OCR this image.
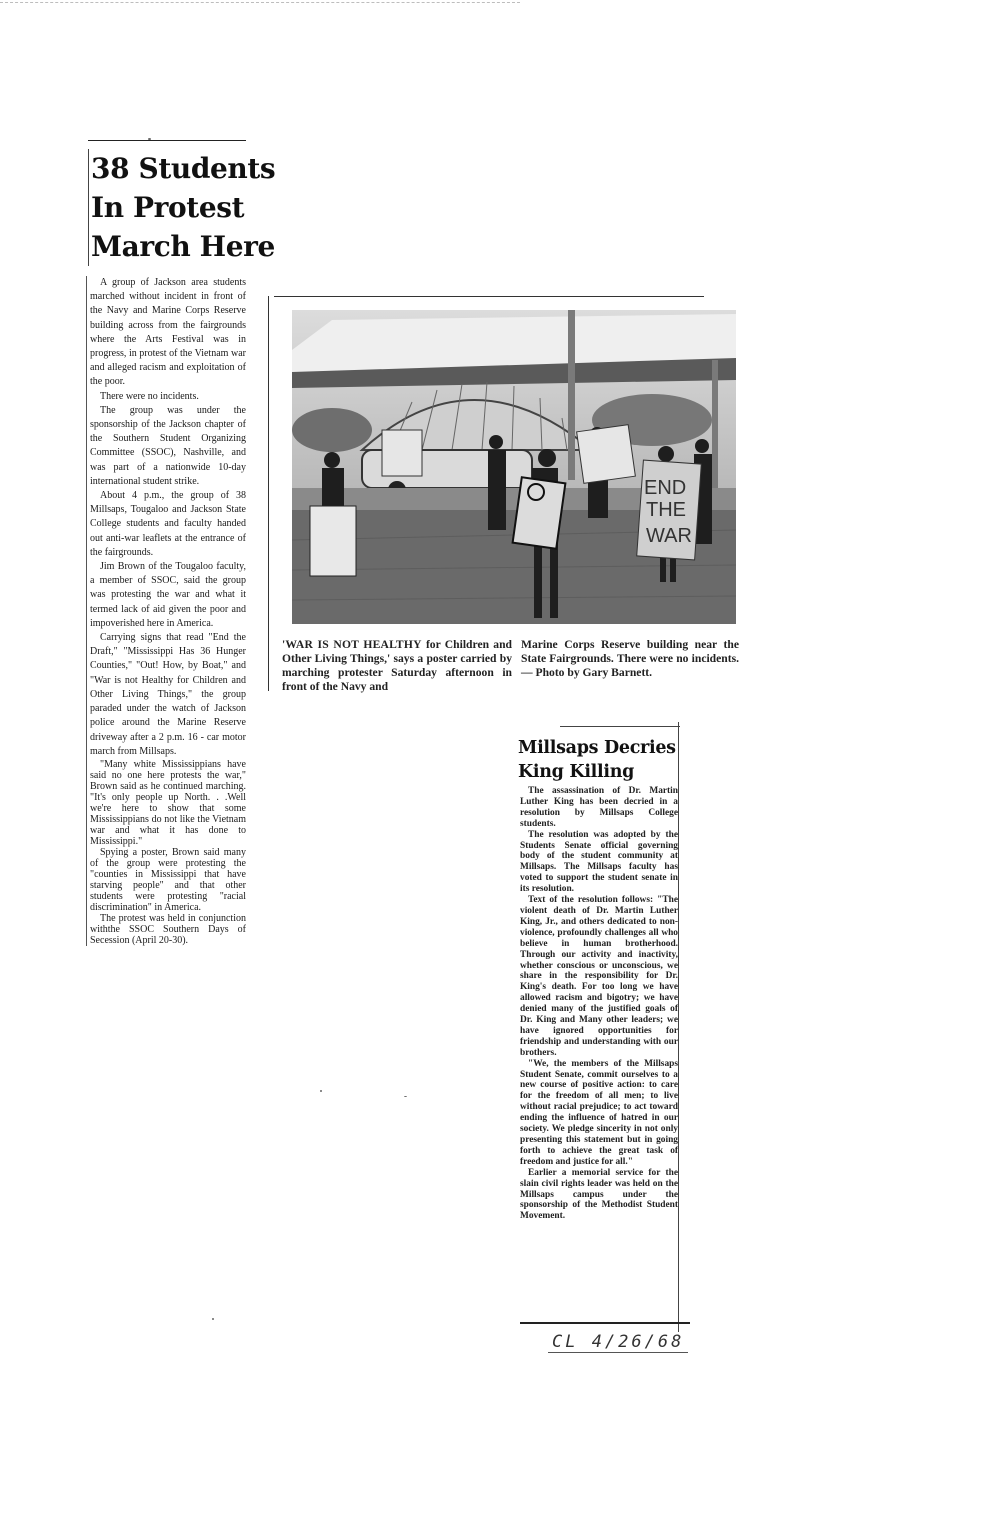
38 Students
In Protest
March Here

A group of Jackson area students marched without incident in front of the Navy and Marine Corps Reserve building across from the fairgrounds where the Arts Festival was in progress, in protest of the Vietnam war and alleged racism and exploitation of the poor.

There were no incidents.

The group was under the sponsorship of the Jackson chapter of the Southern Student Organizing Committee (SSOC), Nashville, and was part of a nationwide 10-day international student strike.

About 4 p.m., the group of 38 Millsaps, Tougaloo and Jackson State College students and faculty handed out anti-war leaflets at the entrance of the fairgrounds.

Jim Brown of the Tougaloo faculty, a member of SSOC, said the group was protesting the war and what it termed lack of aid given the poor and impoverished here in America.

Carrying signs that read "End the Draft," "Mississippi Has 36 Hunger Counties," "Out! How, by Boat," and "War is not Healthy for Children and Other Living Things," the group paraded under the watch of Jackson police around the Marine Reserve driveway after a 2 p.m. 16 - car motor march from Millsaps.

"Many white Mississippians have said no one here protests the war," Brown said as he continued marching. "It's only people up North. . .Well we're here to show that some Mississippians do not like the Vietnam war and what it has done to Mississippi."

Spying a poster, Brown said many of the group were protesting the "counties in Mississippi that have starving people" and that other students were protesting "racial discrimination" in America.

The protest was held in conjunction withthe SSOC Southern Days of Secession (April 20-30).

END
THE
WAR
'WAR IS NOT HEALTHY for Children and Other Living Things,' says a poster carried by marching protester Saturday afternoon in front of the Navy and
Marine Corps Reserve building near the State Fairgrounds. There were no incidents. — Photo by Gary Barnett.
Millsaps Decries
King Killing

The assassination of Dr. Martin Luther King has been decried in a resolution by Millsaps College students.

The resolution was adopted by the Students Senate official governing body of the student community at Millsaps. The Millsaps faculty has voted to support the student senate in its resolution.

Text of the resolution follows: "The violent death of Dr. Martin Luther King, Jr., and others dedicated to non-violence, profoundly challenges all who believe in human brotherhood. Through our activity and inactivity, whether conscious or unconscious, we share in the responsibility for Dr. King's death. For too long we have allowed racism and bigotry; we have denied many of the justified goals of Dr. King and Many other leaders; we have ignored opportunities for friendship and understanding with our brothers.

"We, the members of the Millsaps Student Senate, commit ourselves to a new course of positive action: to care for the freedom of all men; to live without racial prejudice; to act toward ending the influence of hatred in our society. We pledge sincerity in not only presenting this statement but in going forth to achieve the great task of freedom and justice for all."

Earlier a memorial service for the slain civil rights leader was held on the Millsaps campus under the sponsorship of the Methodist Student Movement.

CL 4/26/68
